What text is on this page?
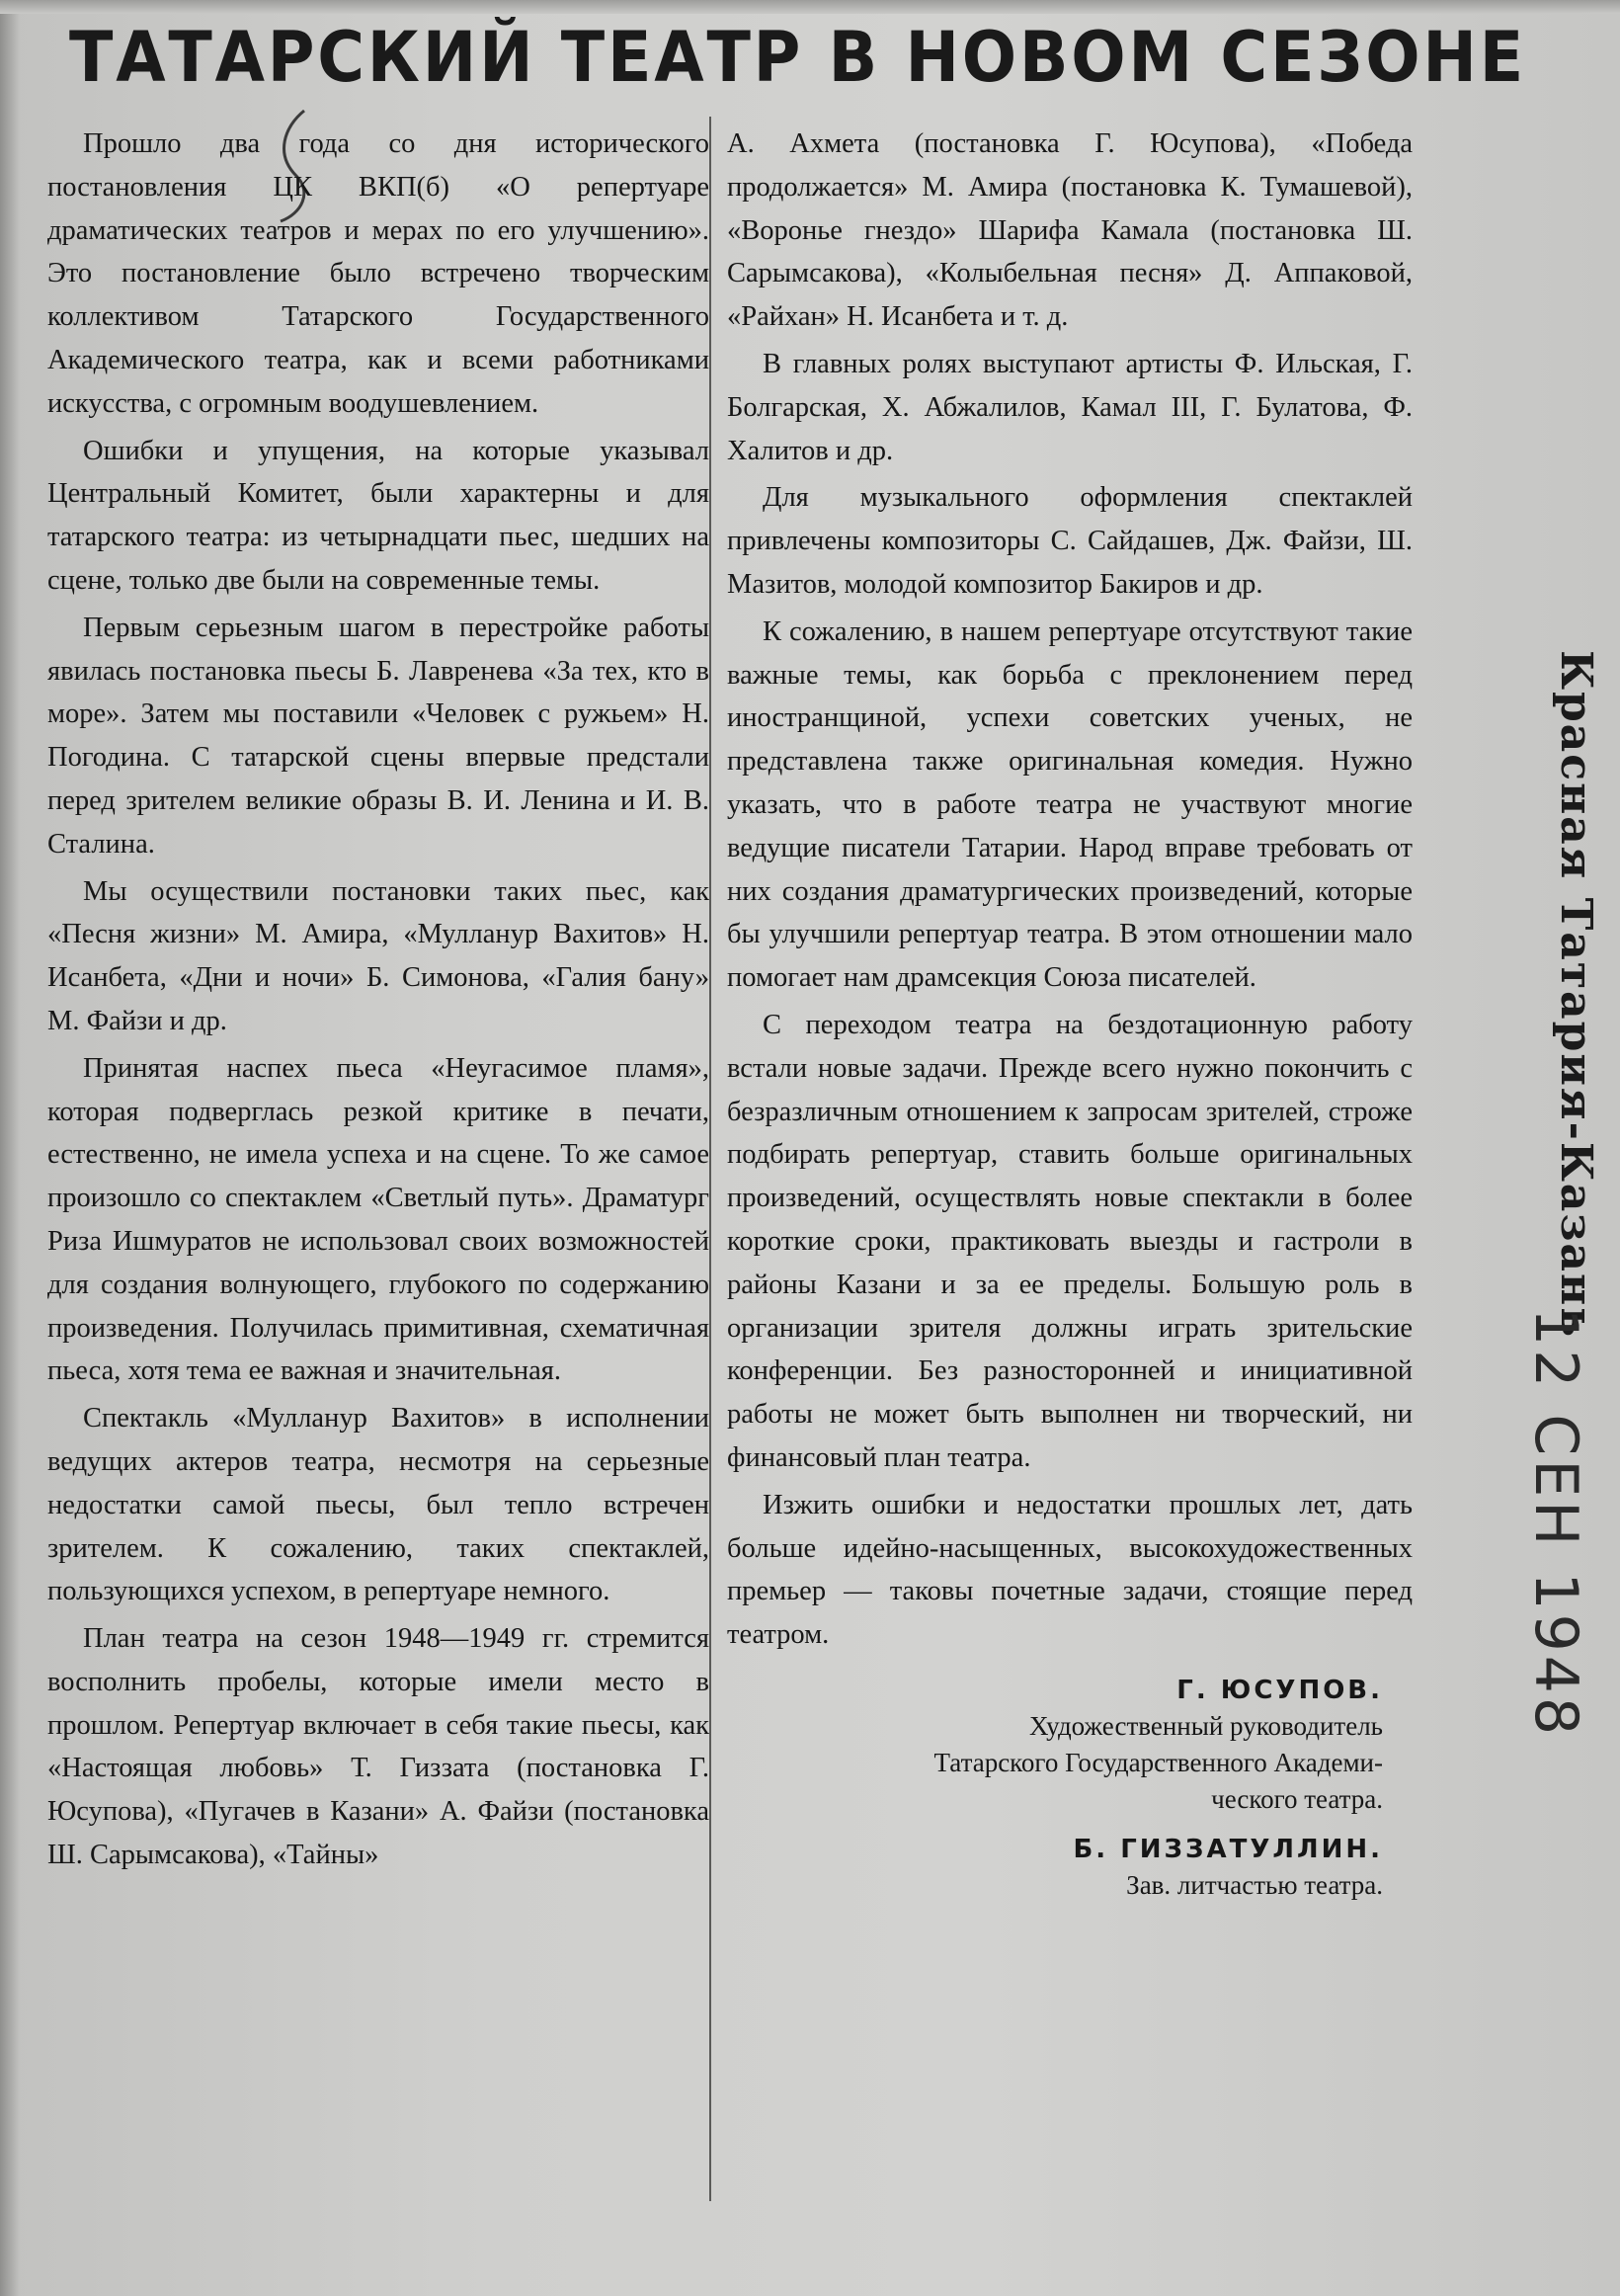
ТАТАРСКИЙ ТЕАТР В НОВОМ СЕЗОНЕ

Прошло два года со дня исторического постановления ЦК ВКП(б) «О репертуаре драматических театров и мерах по его улучшению». Это постановление было встречено творческим коллективом Татарского Государственного Академического театра, как и всеми работниками искусства, с огромным воодушевлением.

Ошибки и упущения, на которые указывал Центральный Комитет, были характерны и для татарского театра: из четырнадцати пьес, шедших на сцене, только две были на современные темы.

Первым серьезным шагом в перестройке работы явилась постановка пьесы Б. Лавренева «За тех, кто в море». Затем мы поставили «Человек с ружьем» Н. Погодина. С татарской сцены впервые предстали перед зрителем великие образы В. И. Ленина и И. В. Сталина.

Мы осуществили постановки таких пьес, как «Песня жизни» М. Амира, «Мулланур Вахитов» Н. Исанбета, «Дни и ночи» Б. Симонова, «Галия бану» М. Файзи и др.

Принятая наспех пьеса «Неугасимое пламя», которая подверглась резкой критике в печати, естественно, не имела успеха и на сцене. То же самое произошло со спектаклем «Светлый путь». Драматург Риза Ишмуратов не использовал своих возможностей для создания волнующего, глубокого по содержанию произведения. Получилась примитивная, схематичная пьеса, хотя тема ее важная и значительная.

Спектакль «Мулланур Вахитов» в исполнении ведущих актеров театра, несмотря на серьезные недостатки самой пьесы, был тепло встречен зрителем. К сожалению, таких спектаклей, пользующихся успехом, в репертуаре немного.

План театра на сезон 1948—1949 гг. стремится восполнить пробелы, которые имели место в прошлом. Репертуар включает в себя такие пьесы, как «Настоящая любовь» Т. Гиззата (постановка Г. Юсупова), «Пугачев в Казани» А. Файзи (постановка Ш. Сарымсакова), «Тайны»

А. Ахмета (постановка Г. Юсупова), «Победа продолжается» М. Амира (постановка К. Тумашевой), «Воронье гнездо» Шарифа Камала (постановка Ш. Сарымсакова), «Колыбельная песня» Д. Аппаковой, «Райхан» Н. Исанбета и т. д.

В главных ролях выступают артисты Ф. Ильская, Г. Болгарская, Х. Абжалилов, Камал III, Г. Булатова, Ф. Халитов и др.

Для музыкального оформления спектаклей привлечены композиторы С. Сайдашев, Дж. Файзи, Ш. Мазитов, молодой композитор Бакиров и др.

К сожалению, в нашем репертуаре отсутствуют такие важные темы, как борьба с преклонением перед иностранщиной, успехи советских ученых, не представлена также оригинальная комедия. Нужно указать, что в работе театра не участвуют многие ведущие писатели Татарии. Народ вправе требовать от них создания драматургических произведений, которые бы улучшили репертуар театра. В этом отношении мало помогает нам драмсекция Союза писателей.

С переходом театра на бездотационную работу встали новые задачи. Прежде всего нужно покончить с безразличным отношением к запросам зрителей, строже подбирать репертуар, ставить больше оригинальных произведений, осуществлять новые спектакли в более короткие сроки, практиковать выезды и гастроли в районы Казани и за ее пределы. Большую роль в организации зрителя должны играть зрительские конференции. Без разносторонней и инициативной работы не может быть выполнен ни творческий, ни финансовый план театра.

Изжить ошибки и недостатки прошлых лет, дать больше идейно-насыщенных, высокохудожественных премьер — таковы почетные задачи, стоящие перед театром.

Г. ЮСУПОВ.

Художественный руководитель

Татарского Государственного Академи-

ческого театра.

Б. ГИЗЗАТУЛЛИН.

Зав. литчастью театра.

Красная Татария-Казань
12 СЕН 1948
